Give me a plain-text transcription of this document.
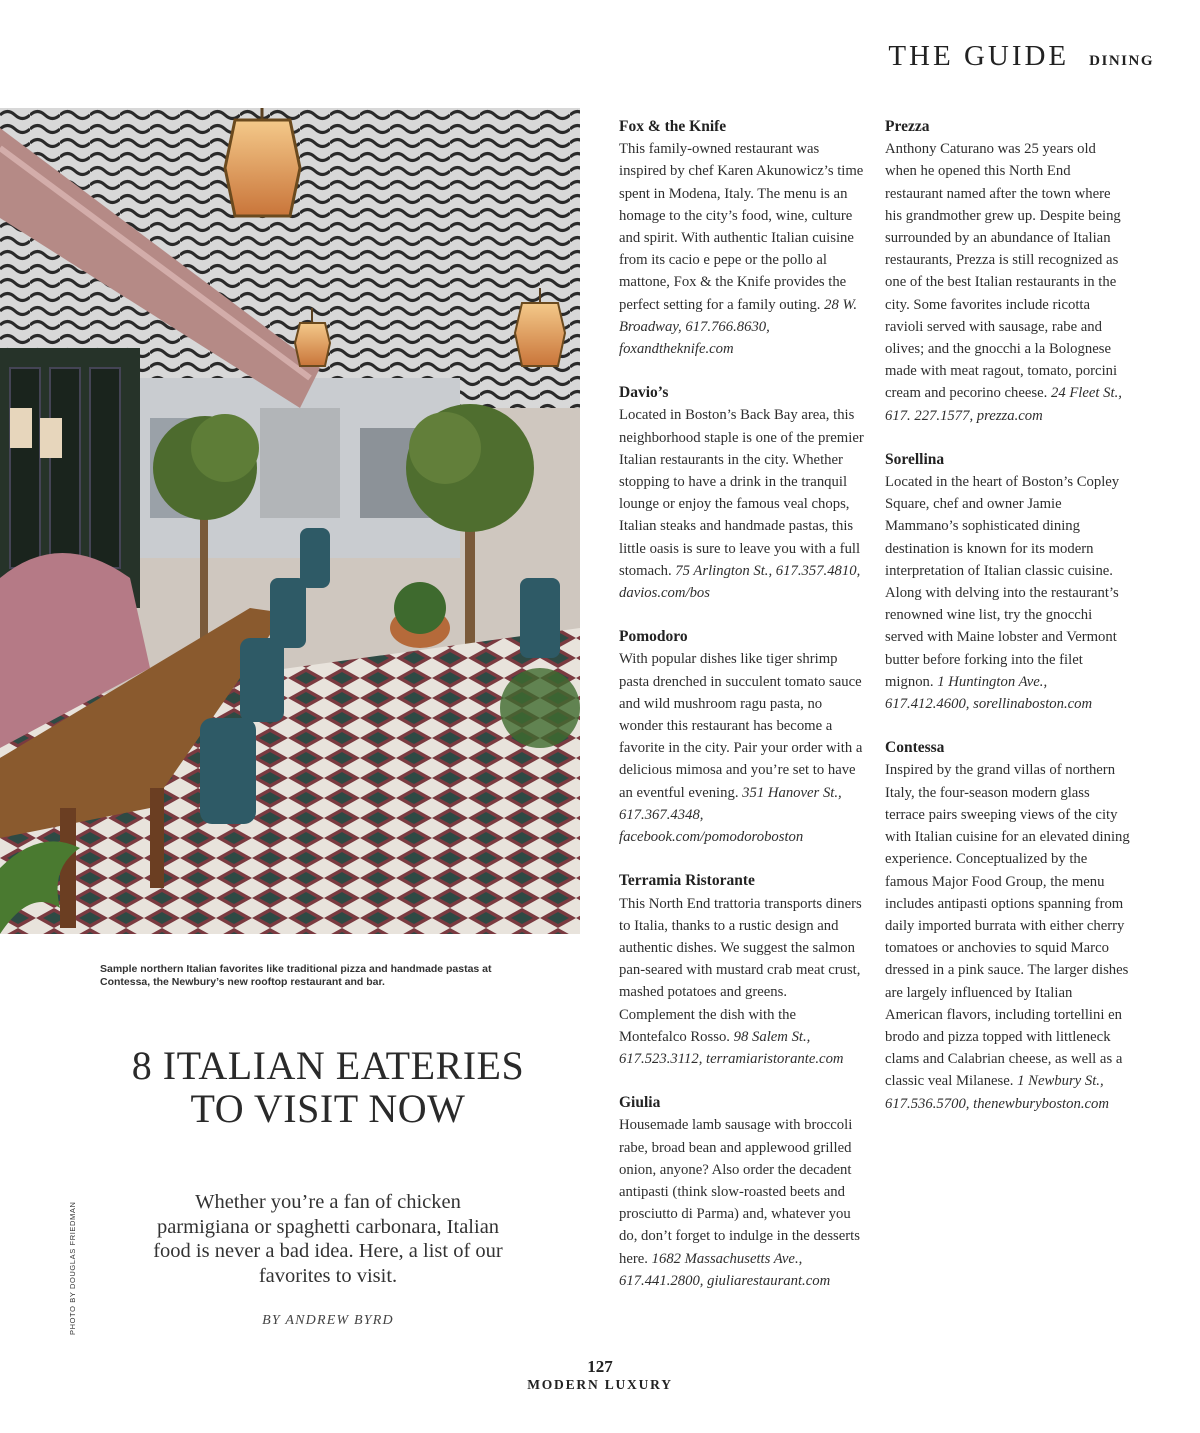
THE GUIDE DINING
Sample northern Italian favorites like traditional pizza and handmade pastas at Contessa, the Newbury’s new rooftop restaurant and bar.
PHOTO BY DOUGLAS FRIEDMAN
8 ITALIAN EATERIES TO VISIT NOW

Whether you’re a fan of chicken parmigiana or spaghetti carbonara, Italian food is never a bad idea. Here, a list of our favorites to visit.

BY ANDREW BYRD
Fox & the Knife

This family-owned restaurant was inspired by chef Karen Akunowicz’s time spent in Modena, Italy. The menu is an homage to the city’s food, wine, culture and spirit. With authentic Italian cuisine from its cacio e pepe or the pollo al mattone, Fox & the Knife provides the perfect setting for a family outing. 28 W. Broadway, 617.766.8630, foxandtheknife.com

Davio’s

Located in Boston’s Back Bay area, this neighborhood staple is one of the premier Italian restaurants in the city. Whether stopping to have a drink in the tranquil lounge or enjoy the famous veal chops, Italian steaks and handmade pastas, this little oasis is sure to leave you with a full stomach. 75 Arlington St., 617.357.4810, davios.com/bos

Pomodoro

With popular dishes like tiger shrimp pasta drenched in succulent tomato sauce and wild mushroom ragu pasta, no wonder this restaurant has become a favorite in the city. Pair your order with a delicious mimosa and you’re set to have an eventful evening. 351 Hanover St., 617.367.4348, facebook.com/pomodoroboston

Terramia Ristorante

This North End trattoria transports diners to Italia, thanks to a rustic design and authentic dishes. We suggest the salmon pan-seared with mustard crab meat crust, mashed potatoes and greens. Complement the dish with the Montefalco Rosso. 98 Salem St., 617.523.3112, terramiaristorante.com

Giulia

Housemade lamb sausage with broccoli rabe, broad bean and applewood grilled onion, anyone? Also order the decadent antipasti (think slow-roasted beets and prosciutto di Parma) and, whatever you do, don’t forget to indulge in the desserts here. 1682 Massachusetts Ave., 617.441.2800, giuliarestaurant.com

Prezza

Anthony Caturano was 25 years old when he opened this North End restaurant named after the town where his grandmother grew up. Despite being surrounded by an abundance of Italian restaurants, Prezza is still recognized as one of the best Italian restaurants in the city. Some favorites include ricotta ravioli served with sausage, rabe and olives; and the gnocchi a la Bolognese made with meat ragout, tomato, porcini cream and pecorino cheese. 24 Fleet St., 617. 227.1577, prezza.com

Sorellina

Located in the heart of Boston’s Copley Square, chef and owner Jamie Mammano’s sophisticated dining destination is known for its modern interpretation of Italian classic cuisine. Along with delving into the restaurant’s renowned wine list, try the gnocchi served with Maine lobster and Vermont butter before forking into the filet mignon. 1 Huntington Ave., 617.412.4600, sorellinaboston.com

Contessa

Inspired by the grand villas of northern Italy, the four-season modern glass terrace pairs sweeping views of the city with Italian cuisine for an elevated dining experience. Conceptualized by the famous Major Food Group, the menu includes antipasti options spanning from daily imported burrata with either cherry tomatoes or anchovies to squid Marco dressed in a pink sauce. The larger dishes are largely influenced by Italian American flavors, including tortellini en brodo and pizza topped with littleneck clams and Calabrian cheese, as well as a classic veal Milanese. 1 Newbury St., 617.536.5700, thenewburyboston.com

127
MODERN LUXURY
